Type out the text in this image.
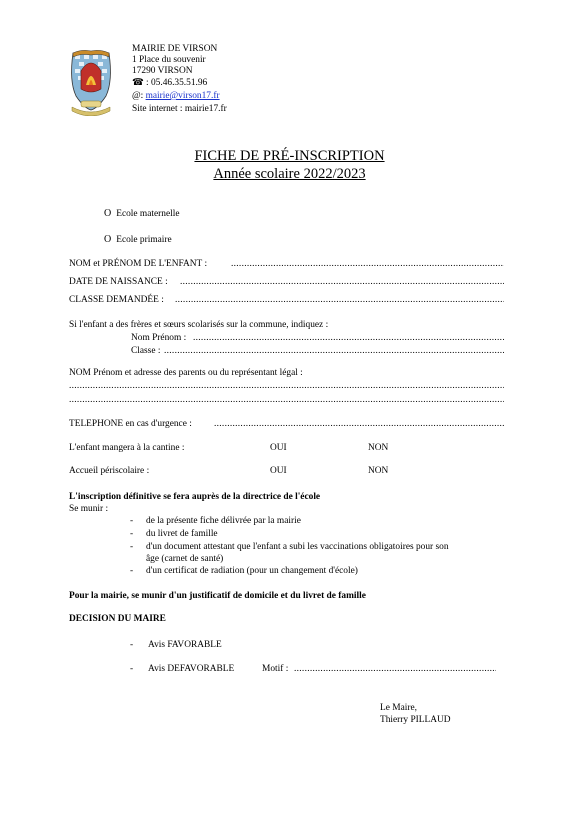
MAIRIE DE VIRSON
1 Place du souvenir
17290 VIRSON
☎ : 05.46.35.51.96
@: mairie@virson17.fr
Site internet : mairie17.fr
FICHE DE PRÉ-INSCRIPTION
Année scolaire 2022/2023
O Ecole maternelle
O Ecole primaire
NOM et PRÉNOM DE L'ENFANT :
.....
DATE DE NAISSANCE :
.....
CLASSE DEMANDÉE :
.....
Si l'enfant a des frères et sœurs scolarisés sur la commune, indiquez :
Nom Prénom :
.....
Classe :
.....
NOM Prénom et adresse des parents ou du représentant légal :
.....
.....
TELEPHONE en cas d'urgence :
.....
L'enfant mangera à la cantine :	OUI	NON
Accueil périscolaire :	OUI	NON
L'inscription définitive se fera auprès de la directrice de l'école
Se munir :
- de la présente fiche délivrée par la mairie
- du livret de famille
- d'un document attestant que l'enfant a subi les vaccinations obligatoires pour son
âge (carnet de santé)
- d'un certificat de radiation (pour un changement d'école)
Pour la mairie, se munir d'un justificatif de domicile et du livret de famille
DECISION DU MAIRE
- Avis FAVORABLE
- Avis DEFAVORABLE	Motif :
.....
Le Maire,
Thierry PILLAUD
